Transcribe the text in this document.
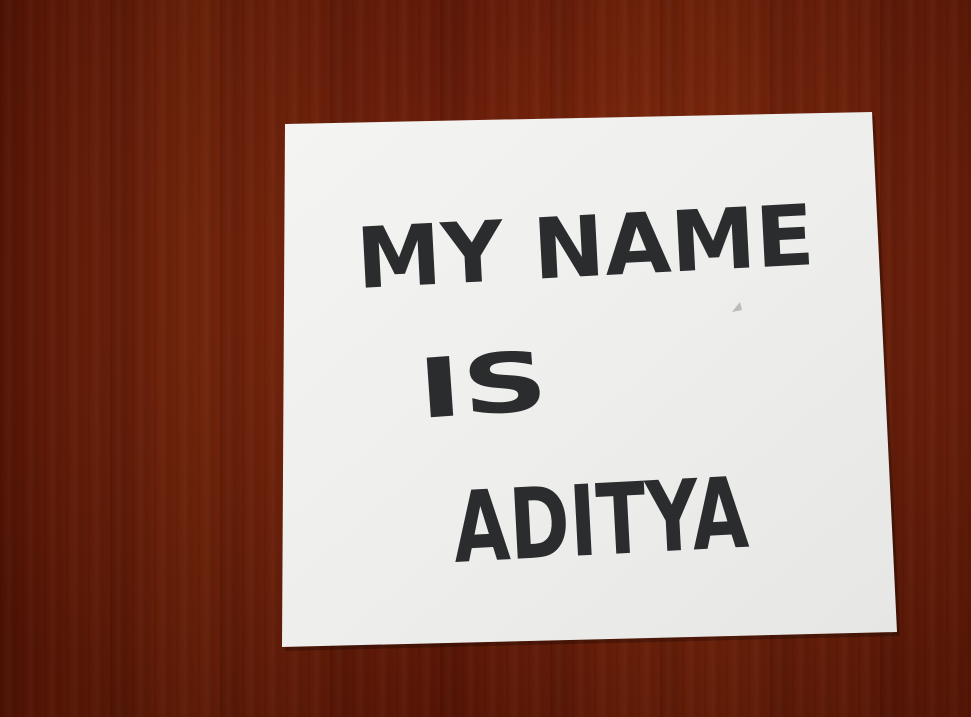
MY NAME
IS
ADITYA
